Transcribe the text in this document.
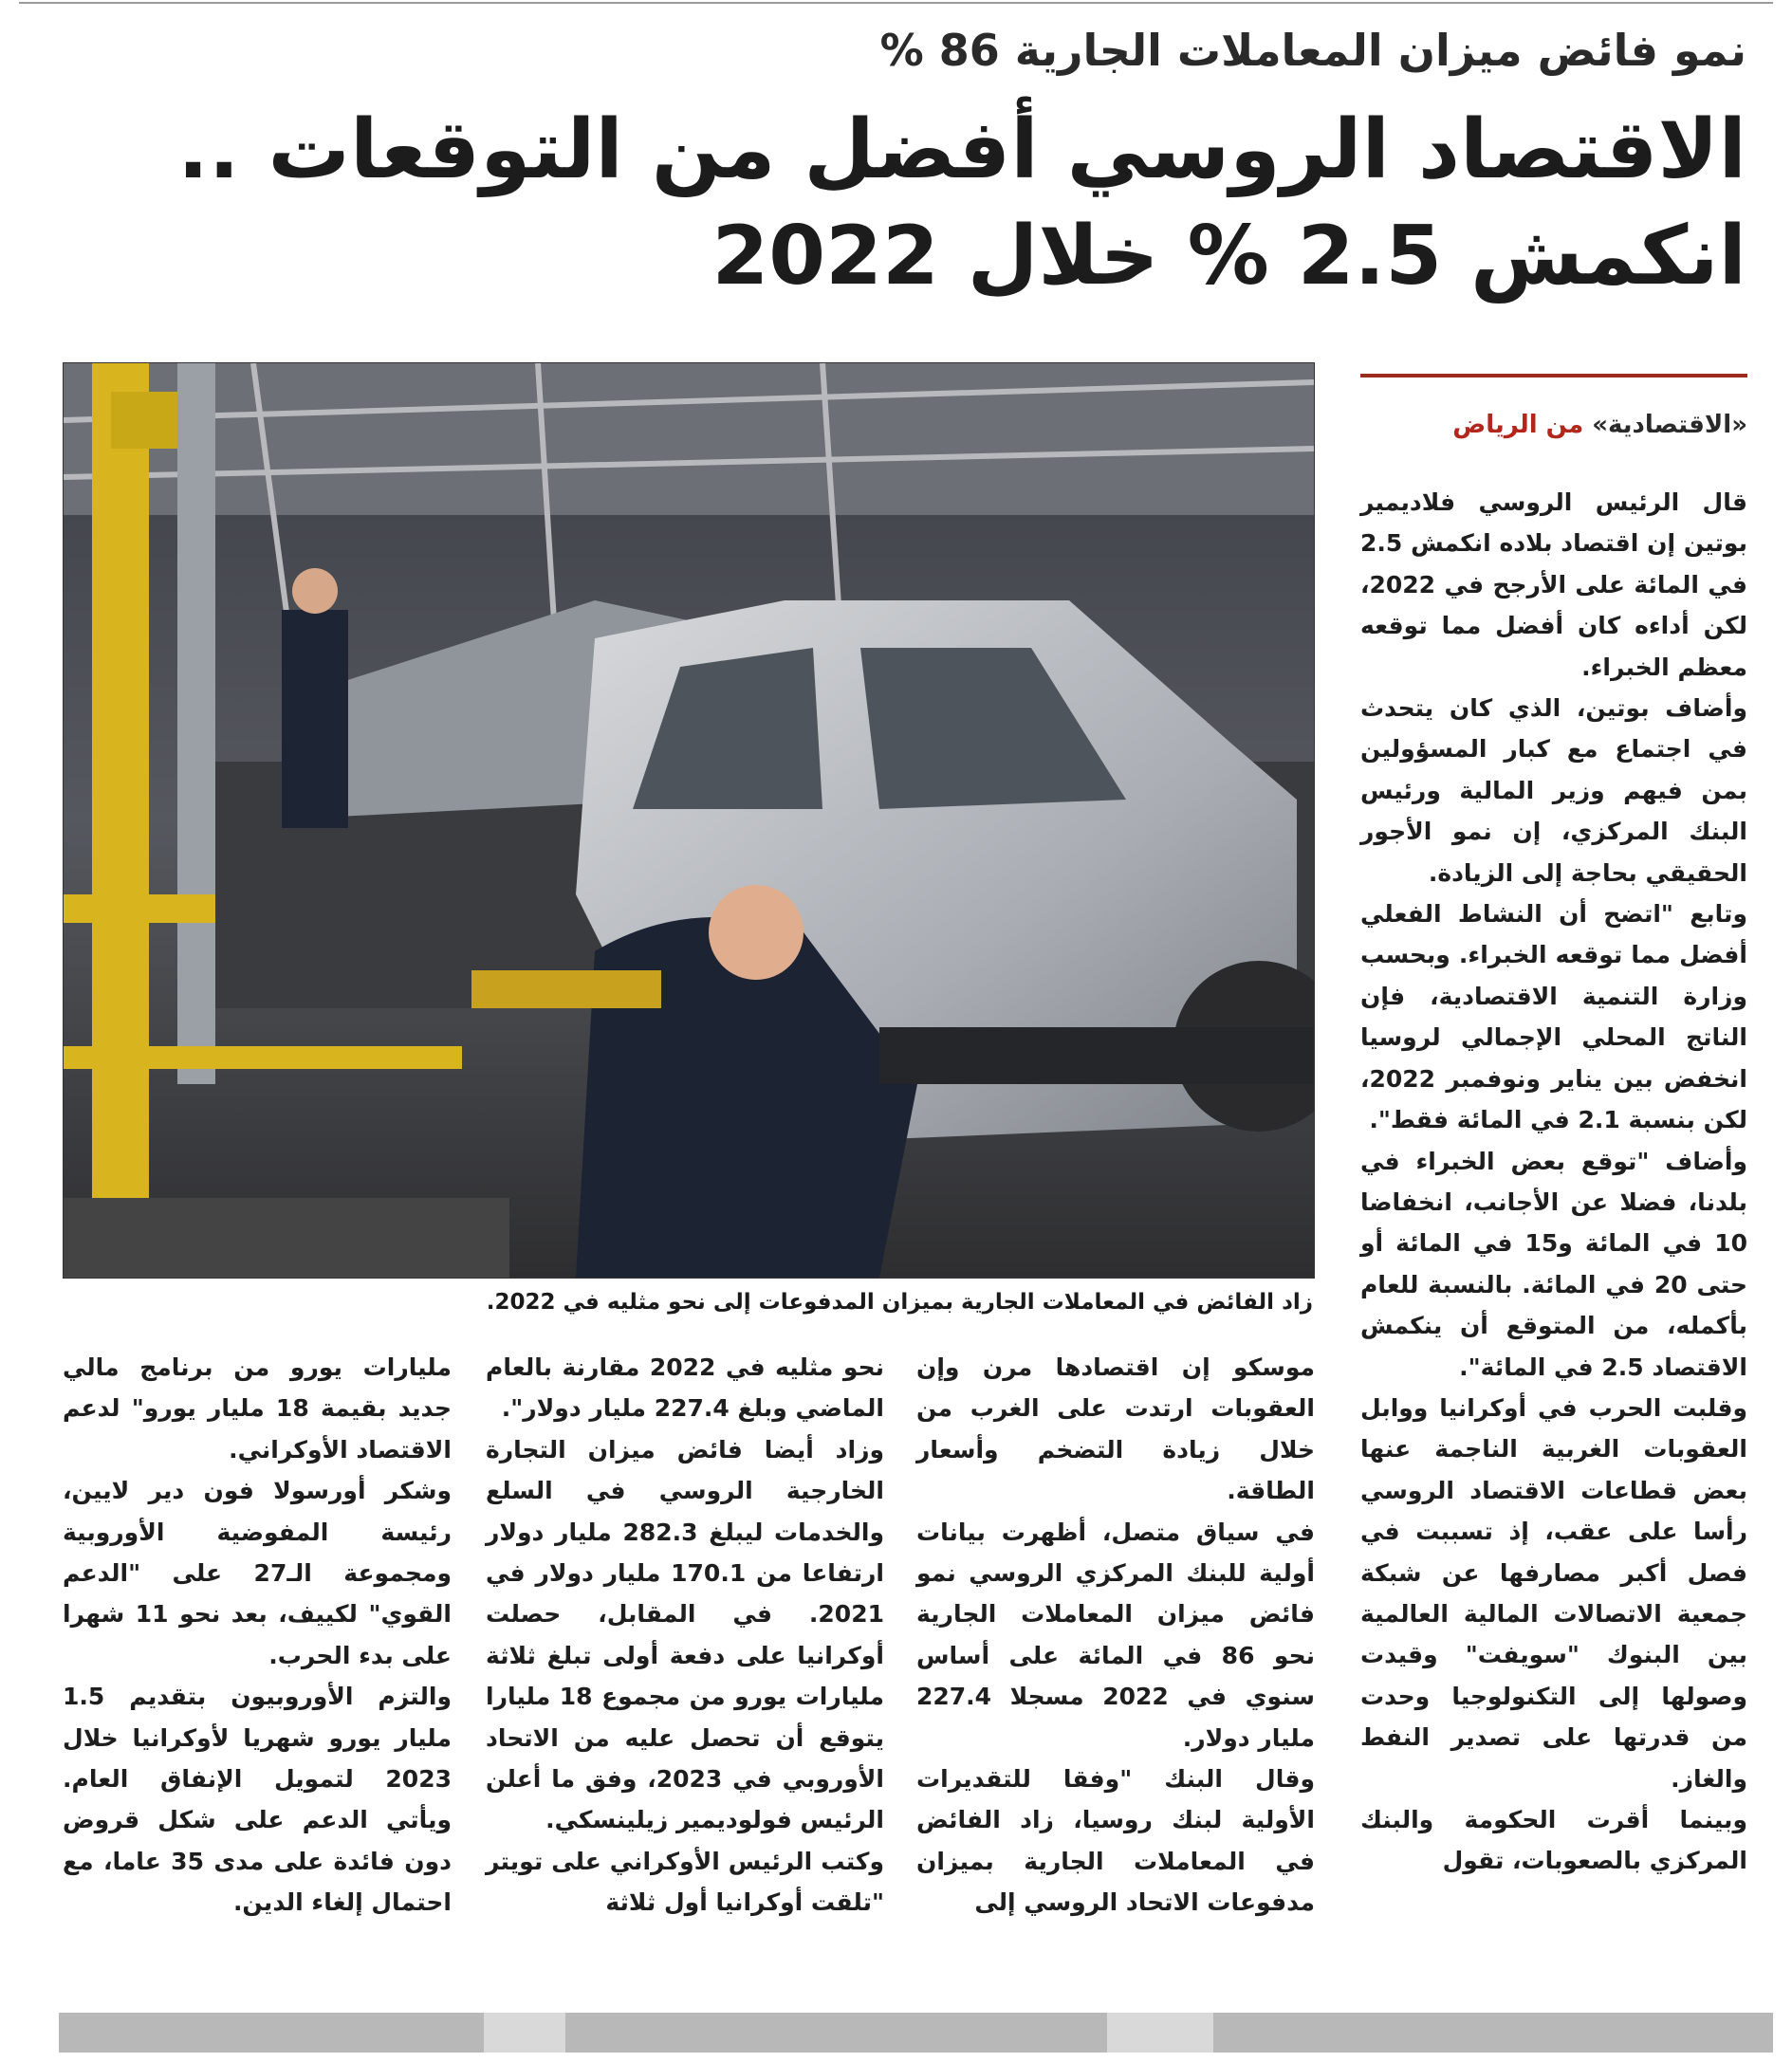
نمو فائض ميزان المعاملات الجارية 86 %
الاقتصاد الروسي أفضل من التوقعات .. انكمش 2.5 % خلال 2022
زاد الفائض في المعاملات الجارية بميزان المدفوعات إلى نحو مثليه في 2022.
«الاقتصادية» من الرياض

قال الرئيس الروسي فلاديمير بوتين إن اقتصاد بلاده انكمش 2.5 في المائة على الأرجح في 2022، لكن أداءه كان أفضل مما توقعه معظم الخبراء.

وأضاف بوتين، الذي كان يتحدث في اجتماع مع كبار المسؤولين بمن فيهم وزير المالية ورئيس البنك المركزي، إن نمو الأجور الحقيقي بحاجة إلى الزيادة.

وتابع "اتضح أن النشاط الفعلي أفضل مما توقعه الخبراء. وبحسب وزارة التنمية الاقتصادية، فإن الناتج المحلي الإجمالي لروسيا انخفض بين يناير ونوفمبر 2022، لكن بنسبة 2.1 في المائة فقط".

وأضاف "توقع بعض الخبراء في بلدنا، فضلا عن الأجانب، انخفاضا 10 في المائة و15 في المائة أو حتى 20 في المائة. بالنسبة للعام بأكمله، من المتوقع أن ينكمش الاقتصاد 2.5 في المائة".

وقلبت الحرب في أوكرانيا ووابل العقوبات الغربية الناجمة عنها بعض قطاعات الاقتصاد الروسي رأسا على عقب، إذ تسببت في فصل أكبر مصارفها عن شبكة جمعية الاتصالات المالية العالمية بين البنوك "سويفت" وقيدت وصولها إلى التكنولوجيا وحدت من قدرتها على تصدير النفط والغاز.

وبينما أقرت الحكومة والبنك المركزي بالصعوبات، تقول

موسكو إن اقتصادها مرن وإن العقوبات ارتدت على الغرب من خلال زيادة التضخم وأسعار الطاقة.

في سياق متصل، أظهرت بيانات أولية للبنك المركزي الروسي نمو فائض ميزان المعاملات الجارية نحو 86 في المائة على أساس سنوي في 2022 مسجلا 227.4 مليار دولار.

وقال البنك "وفقا للتقديرات الأولية لبنك روسيا، زاد الفائض في المعاملات الجارية بميزان مدفوعات الاتحاد الروسي إلى

نحو مثليه في 2022 مقارنة بالعام الماضي وبلغ 227.4 مليار دولار".

وزاد أيضا فائض ميزان التجارة الخارجية الروسي في السلع والخدمات ليبلغ 282.3 مليار دولار ارتفاعا من 170.1 مليار دولار في 2021. في المقابل، حصلت أوكرانيا على دفعة أولى تبلغ ثلاثة مليارات يورو من مجموع 18 مليارا يتوقع أن تحصل عليه من الاتحاد الأوروبي في 2023، وفق ما أعلن الرئيس فولوديمير زيلينسكي.

وكتب الرئيس الأوكراني على تويتر "تلقت أوكرانيا أول ثلاثة

مليارات يورو من برنامج مالي جديد بقيمة 18 مليار يورو" لدعم الاقتصاد الأوكراني.

وشكر أورسولا فون دير لايين، رئيسة المفوضية الأوروبية ومجموعة الـ27 على "الدعم القوي" لكييف، بعد نحو 11 شهرا على بدء الحرب.

والتزم الأوروبيون بتقديم 1.5 مليار يورو شهريا لأوكرانيا خلال 2023 لتمويل الإنفاق العام. ويأتي الدعم على شكل قروض دون فائدة على مدى 35 عاما، مع احتمال إلغاء الدين.
